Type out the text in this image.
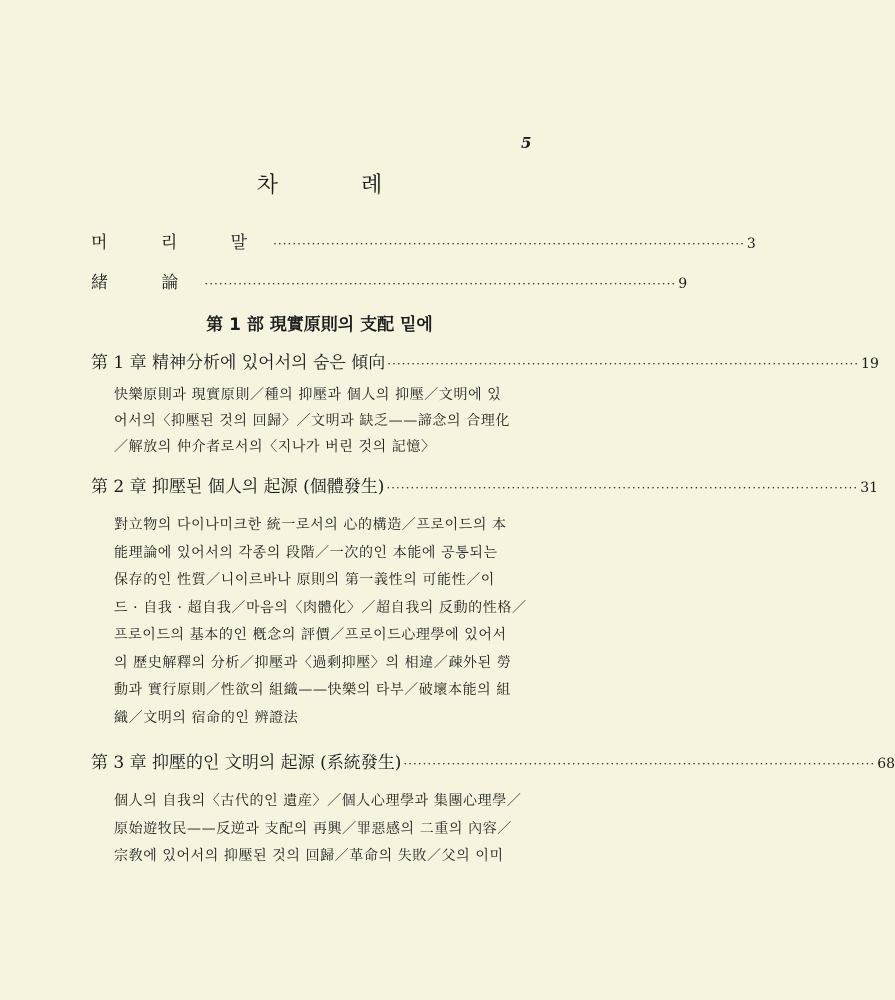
5
차 례
머 리 말 ·································································································· 3
緒 論 ·································································································· 9
第 1 部 現實原則의 支配 밑에
第 1 章 精神分析에 있어서의 숨은 傾向 ·································································································· 19
快樂原則과 現實原則／種의 抑壓과 個人의 抑壓／文明에 있
어서의〈抑壓된 것의 回歸〉／文明과 缺乏——諦念의 合理化
／解放의 仲介者로서의〈지나가 버린 것의 記憶〉
第 2 章 抑壓된 個人의 起源 (個體發生) ·································································································· 31
對立物의 다이나미크한 統一로서의 心的構造／프로이드의 本
能理論에 있어서의 각종의 段階／一次的인 本能에 공통되는
保存的인 性質／니이르바나 原則의 第一義性의 可能性／이
드 · 自我 · 超自我／마음의〈肉體化〉／超自我의 反動的性格／
프로이드의 基本的인 槪念의 評價／프로이드心理學에 있어서
의 歷史解釋의 分析／抑壓과〈過剩抑壓〉의 相違／疎外된 勞
動과 實行原則／性欲의 組織——快樂의 타부／破壞本能의 組
織／文明의 宿命的인 辨證法
第 3 章 抑壓的인 文明의 起源 (系統發生) ·································································································· 68
個人의 自我의〈古代的인 遺産〉／個人心理學과 集團心理學／
原始遊牧民——反逆과 支配의 再興／罪惡感의 二重의 內容／
宗敎에 있어서의 抑壓된 것의 回歸／革命의 失敗／父의 이미
